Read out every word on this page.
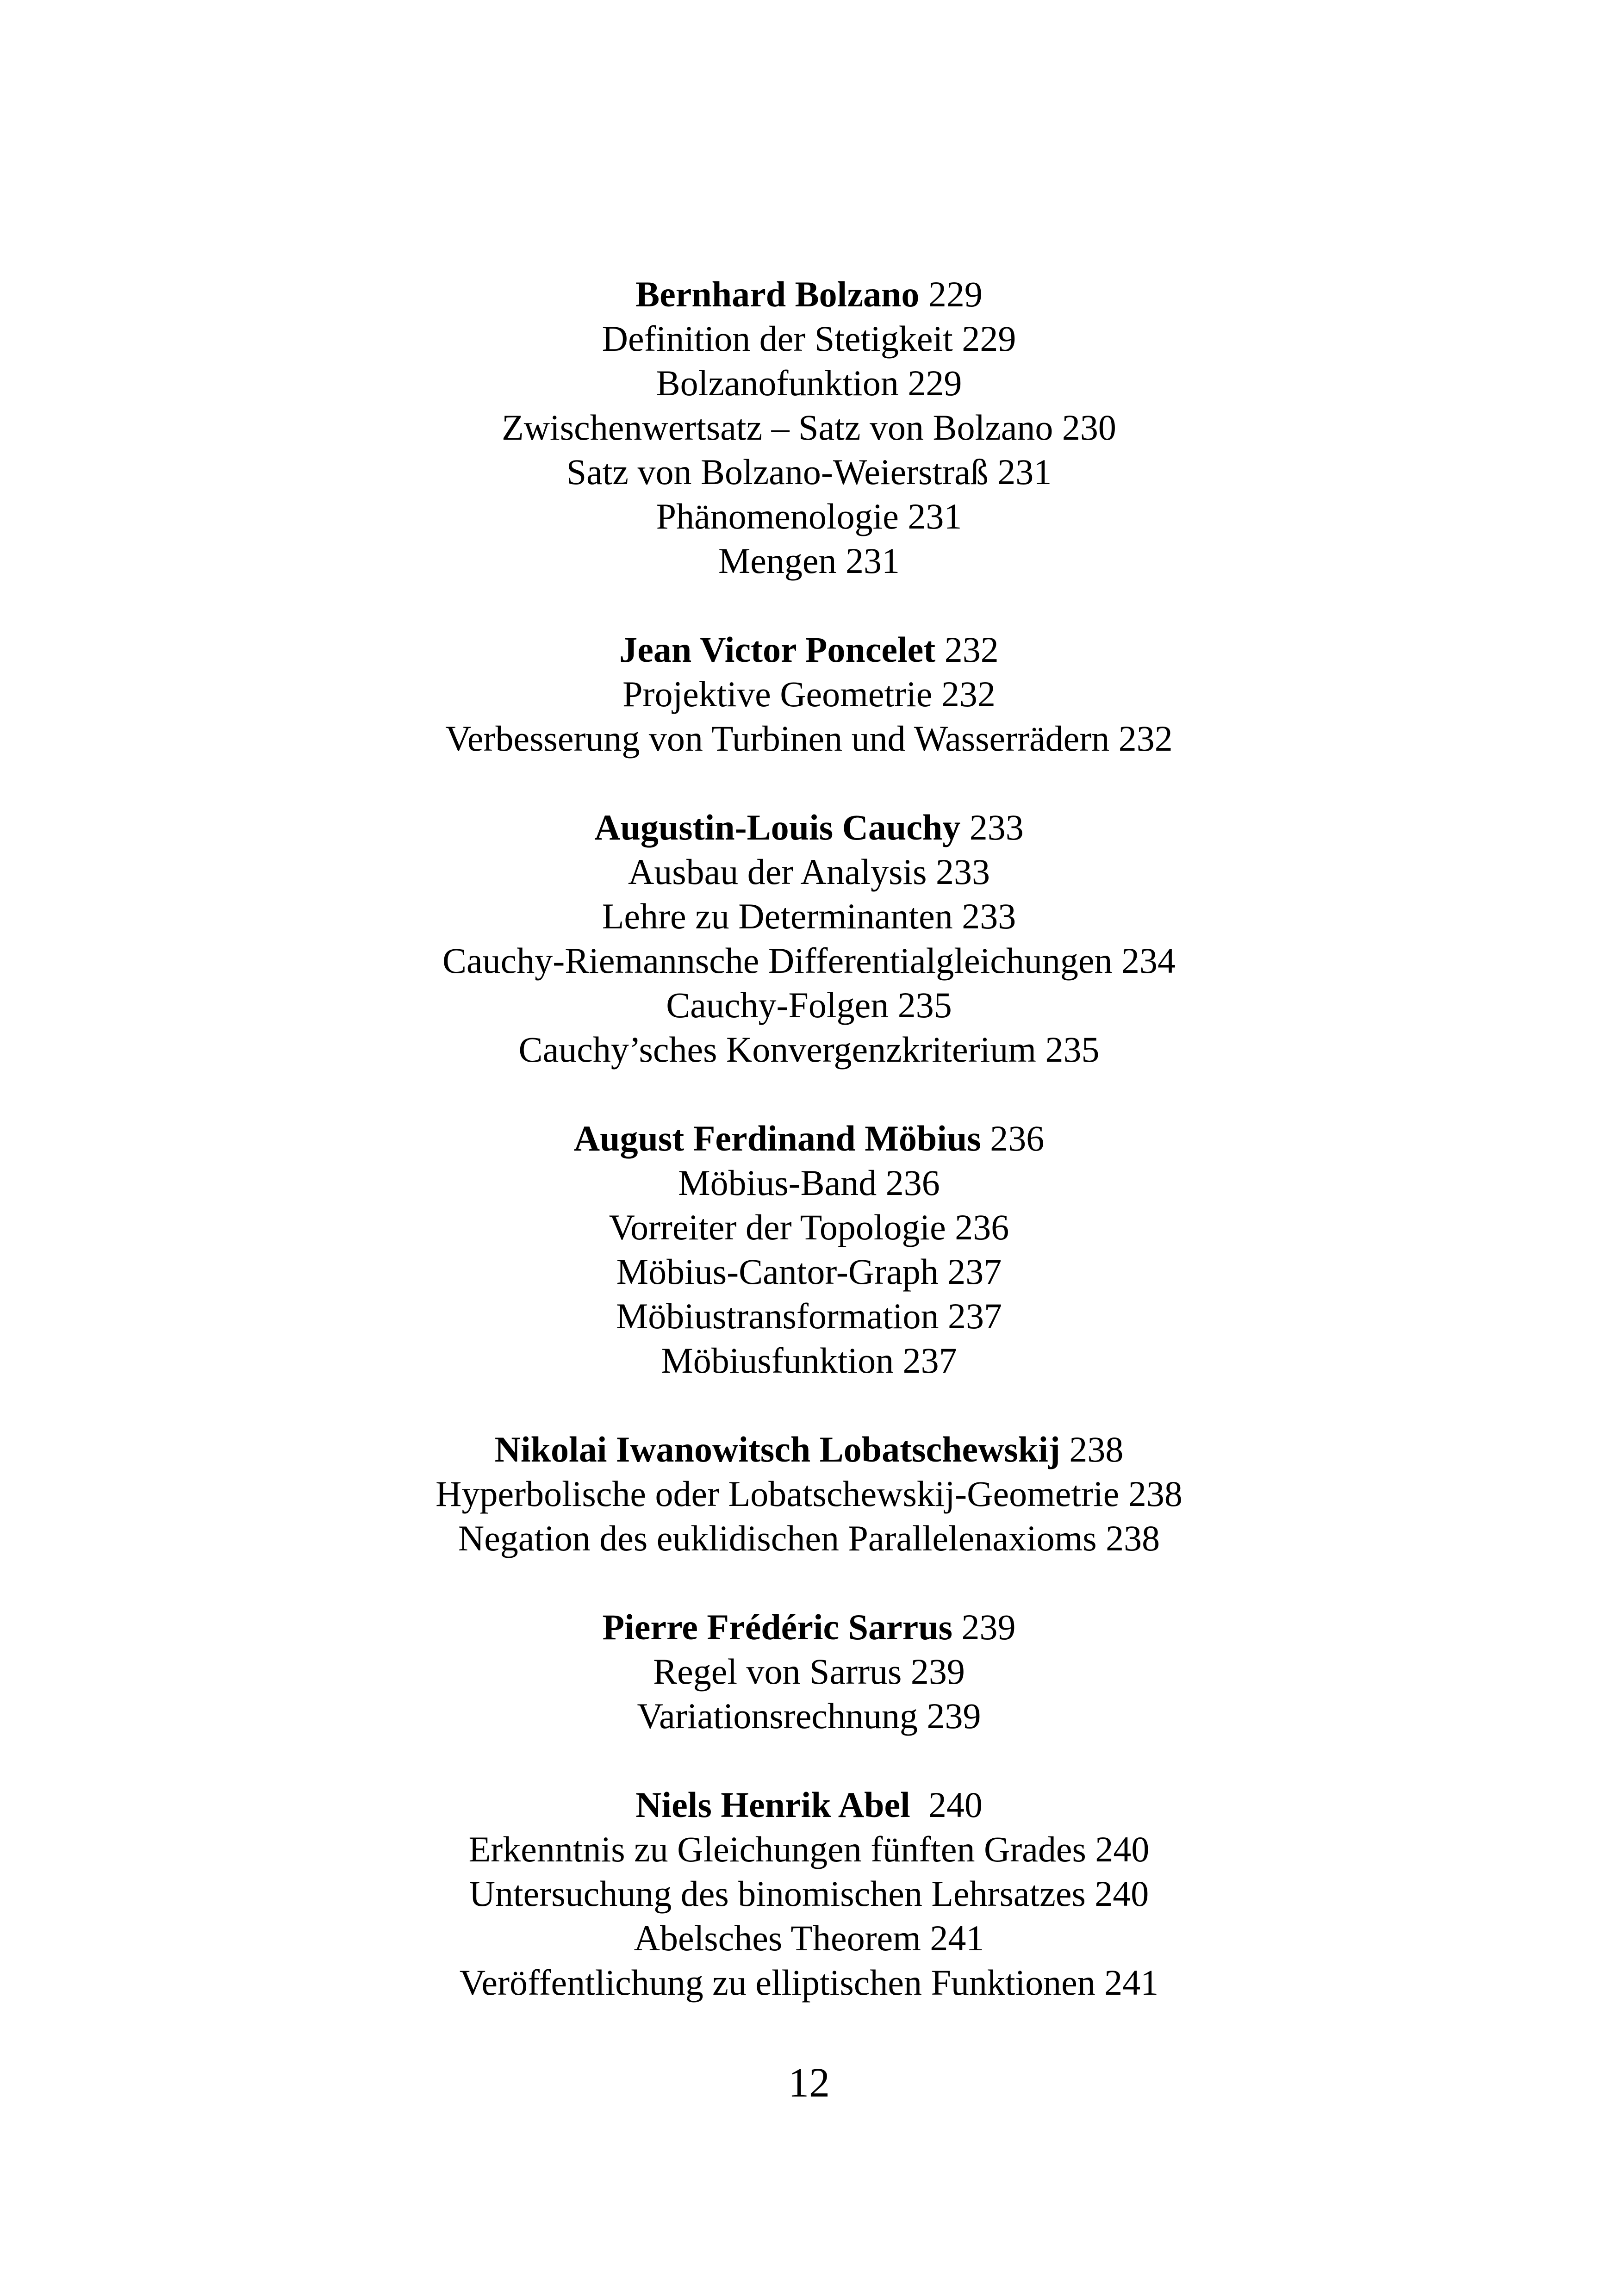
Bernhard Bolzano 229
Definition der Stetigkeit 229
Bolzanofunktion 229
Zwischenwertsatz – Satz von Bolzano 230
Satz von Bolzano-Weierstraß 231
Phänomenologie 231
Mengen 231
Jean Victor Poncelet 232
Projektive Geometrie 232
Verbesserung von Turbinen und Wasserrädern 232
Augustin-Louis Cauchy 233
Ausbau der Analysis 233
Lehre zu Determinanten 233
Cauchy-Riemannsche Differentialgleichungen 234
Cauchy-Folgen 235
Cauchy’sches Konvergenzkriterium 235
August Ferdinand Möbius 236
Möbius-Band 236
Vorreiter der Topologie 236
Möbius-Cantor-Graph 237
Möbiustransformation 237
Möbiusfunktion 237
Nikolai Iwanowitsch Lobatschewskij 238
Hyperbolische oder Lobatschewskij-Geometrie 238
Negation des euklidischen Parallelenaxioms 238
Pierre Frédéric Sarrus 239
Regel von Sarrus 239
Variationsrechnung 239
Niels Henrik Abel  240
Erkenntnis zu Gleichungen fünften Grades 240
Untersuchung des binomischen Lehrsatzes 240
Abelsches Theorem 241
Veröffentlichung zu elliptischen Funktionen 241
12
